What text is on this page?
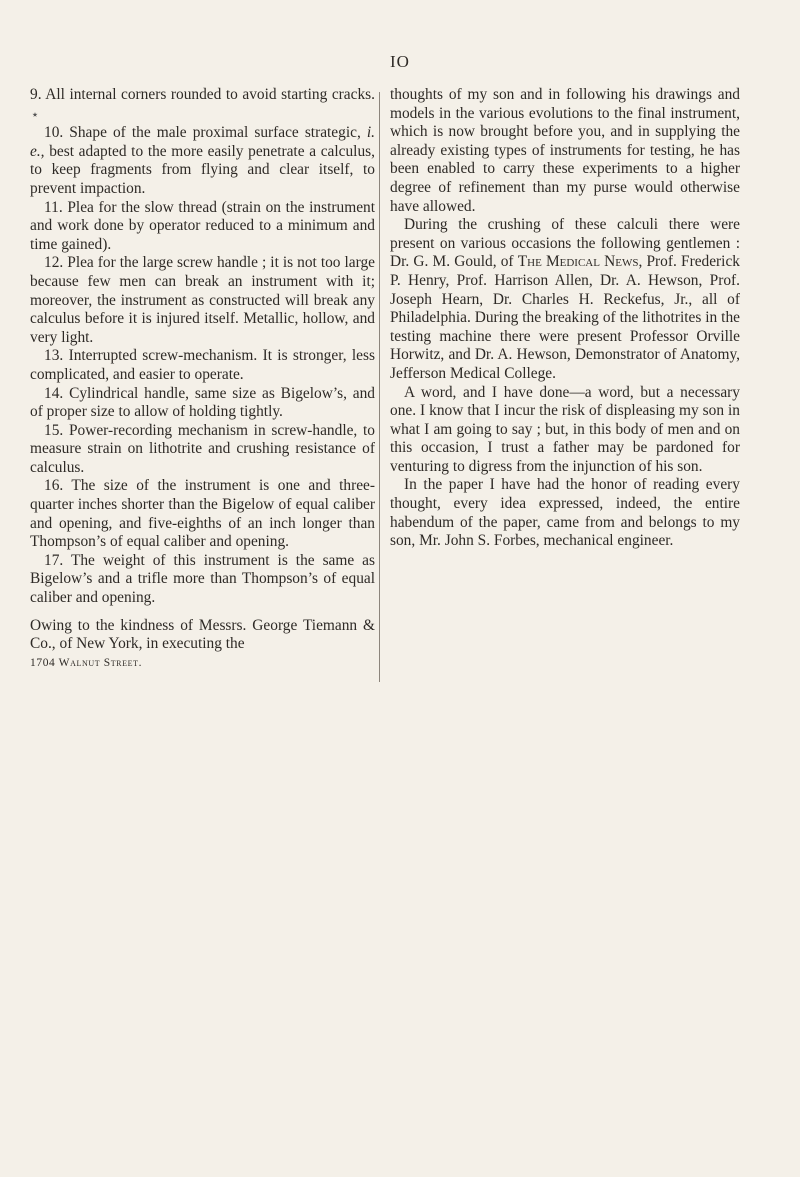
IO

9. All internal corners rounded to avoid starting cracks.٭

10. Shape of the male proximal surface strategic, i. e., best adapted to the more easily penetrate a calculus, to keep fragments from flying and clear itself, to prevent impaction.

11. Plea for the slow thread (strain on the instrument and work done by operator reduced to a minimum and time gained).

12. Plea for the large screw handle ; it is not too large because few men can break an instrument with it; moreover, the instrument as constructed will break any calculus before it is injured itself. Metallic, hollow, and very light.

13. Interrupted screw-mechanism. It is stronger, less complicated, and easier to operate.

14. Cylindrical handle, same size as Bigelow’s, and of proper size to allow of holding tightly.

15. Power-recording mechanism in screw-handle, to measure strain on lithotrite and crushing resistance of calculus.

16. The size of the instrument is one and three-quarter inches shorter than the Bigelow of equal caliber and opening, and five-eighths of an inch longer than Thompson’s of equal caliber and opening.

17. The weight of this instrument is the same as Bigelow’s and a trifle more than Thompson’s of equal caliber and opening.

Owing to the kindness of Messrs. George Tiemann & Co., of New York, in executing the

1704 Walnut Street.

thoughts of my son and in following his drawings and models in the various evolutions to the final instrument, which is now brought before you, and in supplying the already existing types of instruments for testing, he has been enabled to carry these experiments to a higher degree of refinement than my purse would otherwise have allowed.

During the crushing of these calculi there were present on various occasions the following gentlemen : Dr. G. M. Gould, of The Medical News, Prof. Frederick P. Henry, Prof. Harrison Allen, Dr. A. Hewson, Prof. Joseph Hearn, Dr. Charles H. Reckefus, Jr., all of Philadelphia. During the breaking of the lithotrites in the testing machine there were present Professor Orville Horwitz, and Dr. A. Hewson, Demonstrator of Anatomy, Jefferson Medical College.

A word, and I have done—a word, but a necessary one. I know that I incur the risk of displeasing my son in what I am going to say ; but, in this body of men and on this occasion, I trust a father may be pardoned for venturing to digress from the injunction of his son.

In the paper I have had the honor of reading every thought, every idea expressed, indeed, the entire habendum of the paper, came from and belongs to my son, Mr. John S. Forbes, mechanical engineer.
